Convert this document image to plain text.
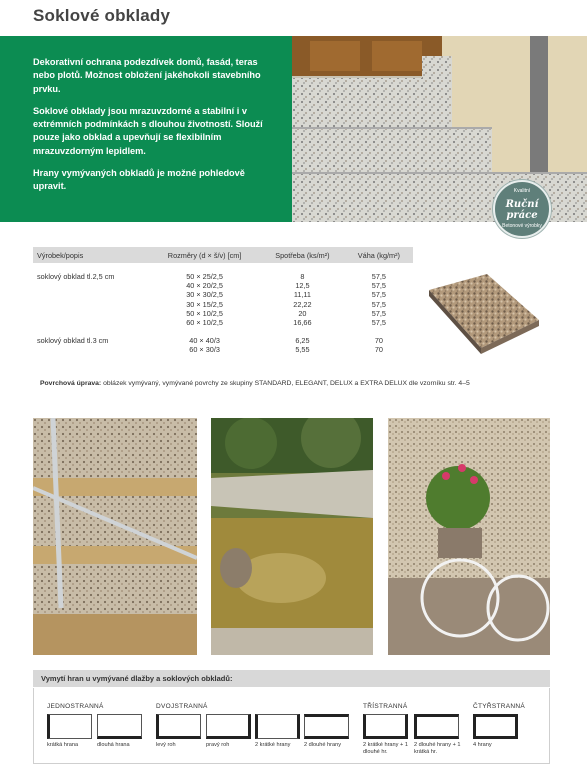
Soklové obklady

Dekorativní ochrana podezdívek domů, fasád, teras nebo plotů. Možnost obložení jakéhokoli stavebního prvku.

Soklové obklady jsou mrazuvzdorné a stabilní i v extrémních podmínkách s dlouhou životností. Slouží pouze jako obklad a upevňují se flexibilním mrazuvzdorným lepidlem.

Hrany vymývaných obkladů je možné pohledově upravit.	Kvalitní
Ruční
práce
Betonové výrobky
Výrobek/popis	Rozměry (d × š/v) [cm]	Spotřeba (ks/m²)	Váha (kg/m²)

soklový obklad tl.2,5 cm	50 × 25/2,5	8	57,5
	40 × 20/2,5	12,5	57,5
	30 × 30/2,5	11,11	57,5
	30 × 15/2,5	22,22	57,5
	50 × 10/2,5	20	57,5
	60 × 10/2,5	16,66	57,5

soklový obklad tl.3 cm	40 × 40/3	6,25	70
	60 × 30/3	5,55	70
Povrchová úprava: oblázek vymývaný, vymývané povrchy ze skupiny STANDARD, ELEGANT, DELUX a EXTRA DELUX dle vzorníku str. 4–5
Vymytí hran u vymývané dlažby a soklových obkladů:
JEDNOSTRANNÁ
krátká hrana	dlouhá hrana
DVOJSTRANNÁ
levý roh	pravý roh	2 krátké hrany	2 dlouhé hrany
TŘÍSTRANNÁ
2 krátké hrany + 1 dlouhé hr.
2 dlouhé hrany + 1 krátká hr.
ČTYŘSTRANNÁ
4 hrany
